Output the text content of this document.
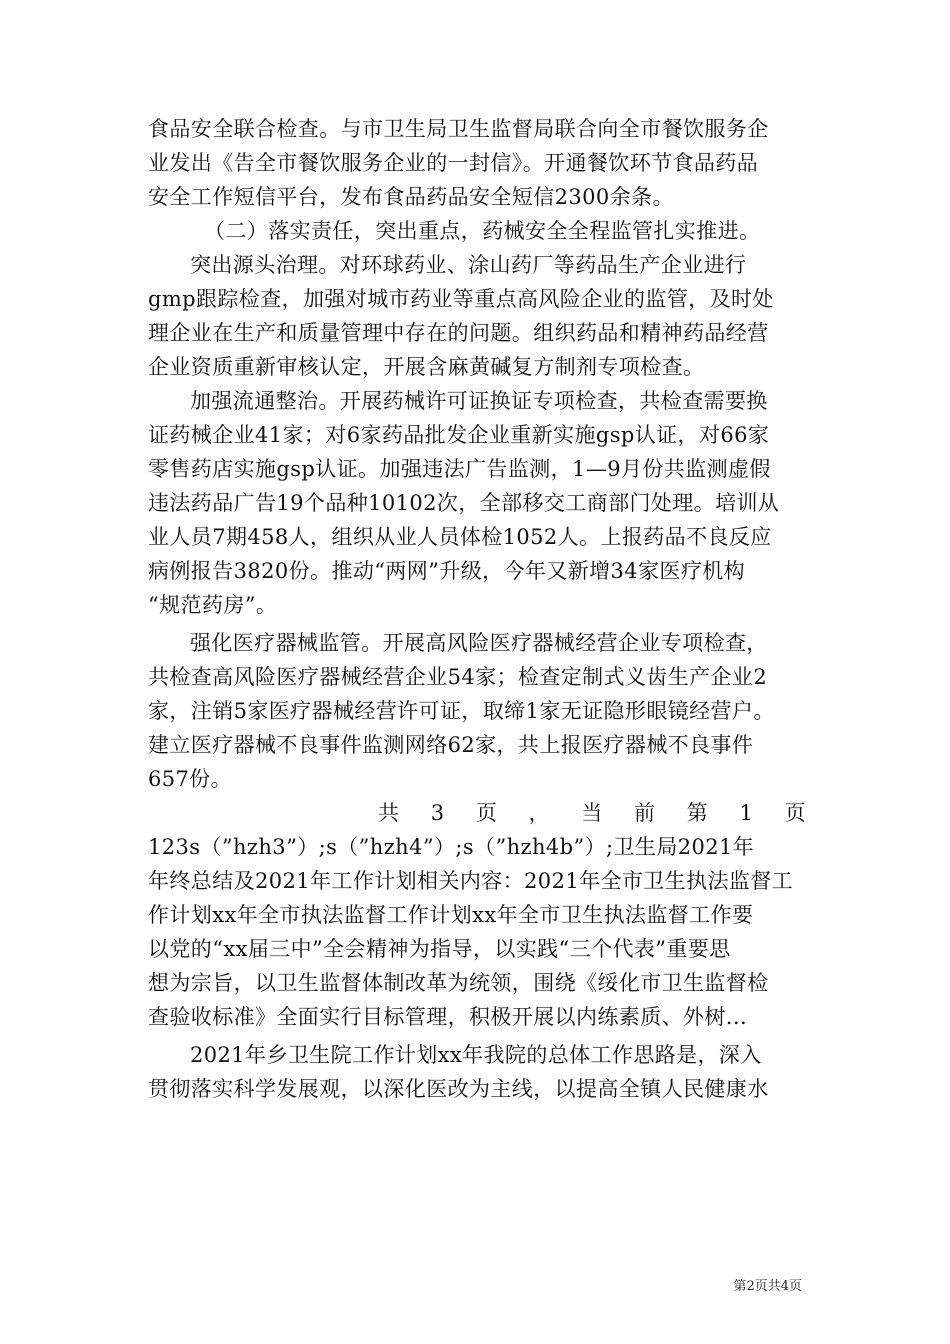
食品安全联合检查。与市卫生局卫生监督局联合向全市餐饮服务企
业发出《告全市餐饮服务企业的一封信》。开通餐饮环节食品药品
安全工作短信平台，发布食品药品安全短信2300余条。
（二）落实责任，突出重点，药械安全全程监管扎实推进。
突出源头治理。对环球药业、涂山药厂等药品生产企业进行
gmp跟踪检查，加强对城市药业等重点高风险企业的监管，及时处
理企业在生产和质量管理中存在的问题。组织药品和精神药品经营
企业资质重新审核认定，开展含麻黄碱复方制剂专项检查。
加强流通整治。开展药械许可证换证专项检查，共检查需要换
证药械企业41家；对6家药品批发企业重新实施gsp认证，对66家
零售药店实施gsp认证。加强违法广告监测，1—9月份共监测虚假
违法药品广告19个品种10102次，全部移交工商部门处理。培训从
业人员7期458人，组织从业人员体检1052人。上报药品不良反应
病例报告3820份。推动“两网”升级，今年又新增34家医疗机构
“规范药房”。
强化医疗器械监管。开展高风险医疗器械经营企业专项检查，
共检查高风险医疗器械经营企业54家；检查定制式义齿生产企业2
家，注销5家医疗器械经营许可证，取缔1家无证隐形眼镜经营户。
建立医疗器械不良事件监测网络62家，共上报医疗器械不良事件
657份。
共 3 页 ， 当 前 第 1 页
123s（”hzh3”）;s（”hzh4”）;s（”hzh4b”）;卫生局2021年
年终总结及2021年工作计划相关内容：2021年全市卫生执法监督工
作计划xx年全市执法监督工作计划xx年全市卫生执法监督工作要
以党的“xx届三中”全会精神为指导，以实践“三个代表”重要思
想为宗旨，以卫生监督体制改革为统领，围绕《绥化市卫生监督检
查验收标准》全面实行目标管理，积极开展以内练素质、外树...
2021年乡卫生院工作计划xx年我院的总体工作思路是，深入
贯彻落实科学发展观，以深化医改为主线，以提高全镇人民健康水
第2页共4页
